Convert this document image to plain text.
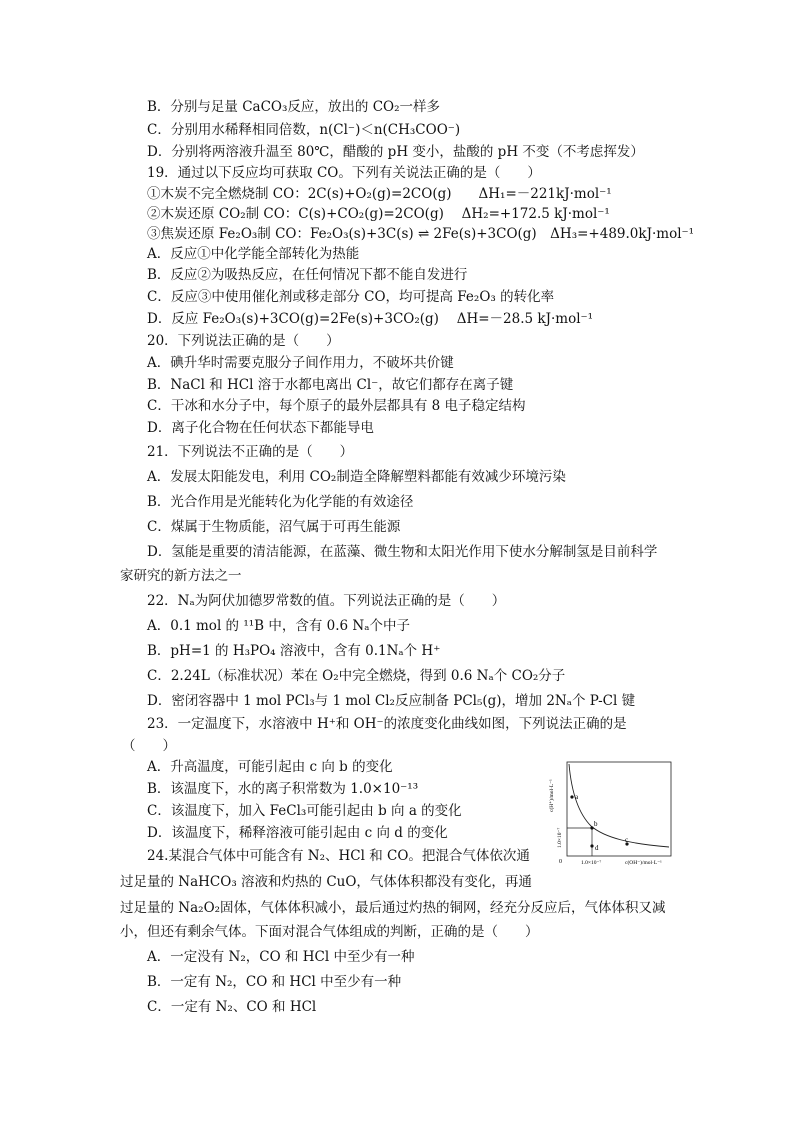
B．分别与足量 CaCO₃反应，放出的 CO₂一样多
C．分别用水稀释相同倍数，n(Cl⁻)＜n(CH₃COO⁻)
D．分别将两溶液升温至 80℃，醋酸的 pH 变小，盐酸的 pH 不变（不考虑挥发）
19．通过以下反应均可获取 CO。下列有关说法正确的是（　　）
①木炭不完全燃烧制 CO：2C(s)+O₂(g)=2CO(g)　　ΔH₁=－221kJ·mol⁻¹
②木炭还原 CO₂制 CO：C(s)+CO₂(g)=2CO(g)　 ΔH₂=+172.5 kJ·mol⁻¹
③焦炭还原 Fe₂O₃制 CO：Fe₂O₃(s)+3C(s) ⇌ 2Fe(s)+3CO(g)　ΔH₃=+489.0kJ·mol⁻¹
A．反应①中化学能全部转化为热能
B．反应②为吸热反应，在任何情况下都不能自发进行
C．反应③中使用催化剂或移走部分 CO，均可提高 Fe₂O₃ 的转化率
D．反应 Fe₂O₃(s)+3CO(g)=2Fe(s)+3CO₂(g)　 ΔH=－28.5 kJ·mol⁻¹
20．下列说法正确的是（　　）
A．碘升华时需要克服分子间作用力，不破坏共价键
B．NaCl 和 HCl 溶于水都电离出 Cl⁻，故它们都存在离子键
C．干冰和水分子中，每个原子的最外层都具有 8 电子稳定结构
D．离子化合物在任何状态下都能导电
21．下列说法不正确的是（　　）
A．发展太阳能发电，利用 CO₂制造全降解塑料都能有效减少环境污染
B．光合作用是光能转化为化学能的有效途径
C．煤属于生物质能，沼气属于可再生能源
D．氢能是重要的清洁能源，在蓝藻、微生物和太阳光作用下使水分解制氢是目前科学
家研究的新方法之一
22．Nₐ为阿伏加德罗常数的值。下列说法正确的是（　　）
A．0.1 mol 的 ¹¹B 中，含有 0.6 Nₐ个中子
B．pH=1 的 H₃PO₄ 溶液中，含有 0.1Nₐ个 H⁺
C．2.24L（标准状况）苯在 O₂中完全燃烧，得到 0.6 Nₐ个 CO₂分子
D．密闭容器中 1 mol PCl₃与 1 mol Cl₂反应制备 PCl₅(g)，增加 2Nₐ个 P-Cl 键
23．一定温度下，水溶液中 H⁺和 OH⁻的浓度变化曲线如图，下列说法正确的是
（　　）
A．升高温度，可能引起由 c 向 b 的变化
B．该温度下，水的离子积常数为 1.0×10⁻¹³
C．该温度下，加入 FeCl₃可能引起由 b 向 a 的变化
D．该温度下，稀释溶液可能引起由 c 向 d 的变化
24.某混合气体中可能含有 N₂、HCl 和 CO。把混合气体依次通
过足量的 NaHCO₃ 溶液和灼热的 CuO，气体体积都没有变化，再通
过足量的 Na₂O₂固体，气体体积减小，最后通过灼热的铜网，经充分反应后，气体体积又减
小，但还有剩余气体。下面对混合气体组成的判断，正确的是（　　）
A．一定没有 N₂，CO 和 HCl 中至少有一种
B．一定有 N₂，CO 和 HCl 中至少有一种
C．一定有 N₂、CO 和 HCl
a
b
c
d
c(H⁺)/mol·L⁻¹
1.0×10⁻⁷
0	1.0×10⁻⁷	c(OH⁻)/mol·L⁻¹
